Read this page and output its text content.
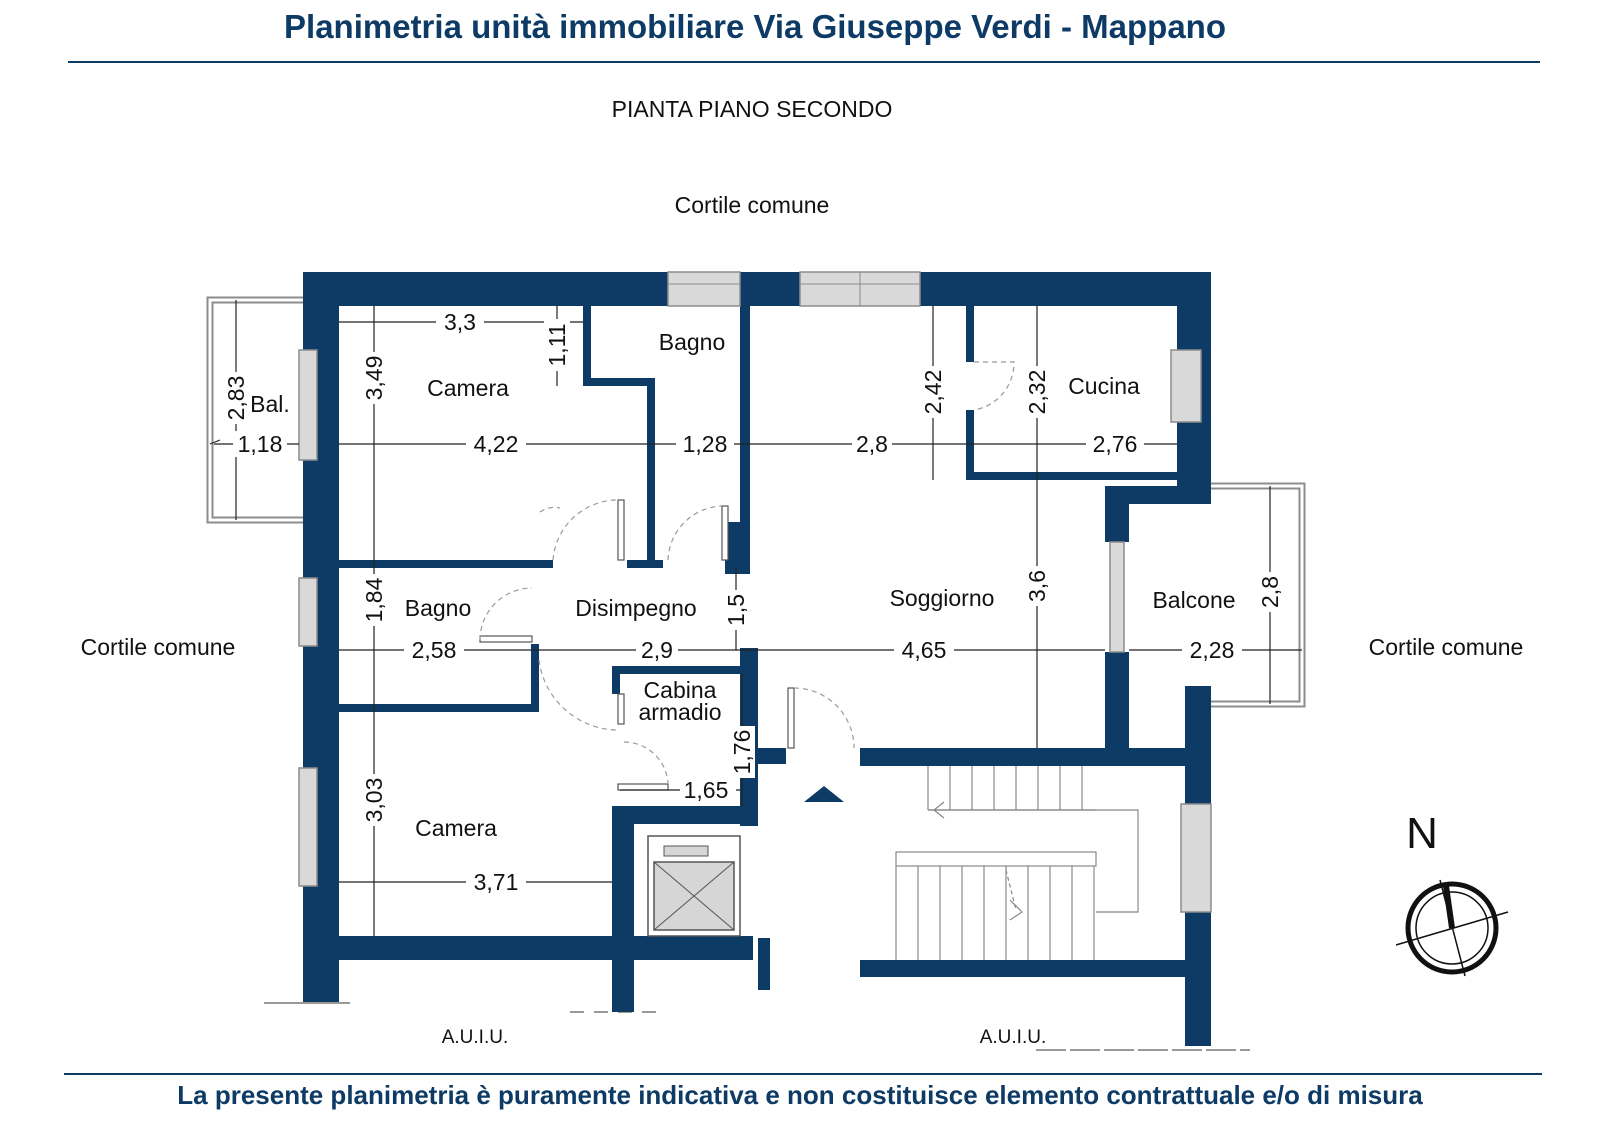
Planimetria unità immobiliare Via Giuseppe Verdi - Mappano
PIANTA PIANO SECONDO
Cortile comune
Cortile comune	Cortile comune
A.U.I.U.	A.U.I.U.
N
Camera
Bagno
Cucina
Bal.
Bagno	Disimpegno	Soggiorno	Balcone
Cabina
armadio
Camera
3,3
1,18	4,22	1,28	2,8	2,76
2,58	2,9	4,65	2,28
1,65
3,71
3,49
1,11
2,83	2,42	2,32
1,84	1,5
3,6	2,8
1,76
3,03
La presente planimetria è puramente indicativa e non costituisce elemento contrattuale e/o di misura
